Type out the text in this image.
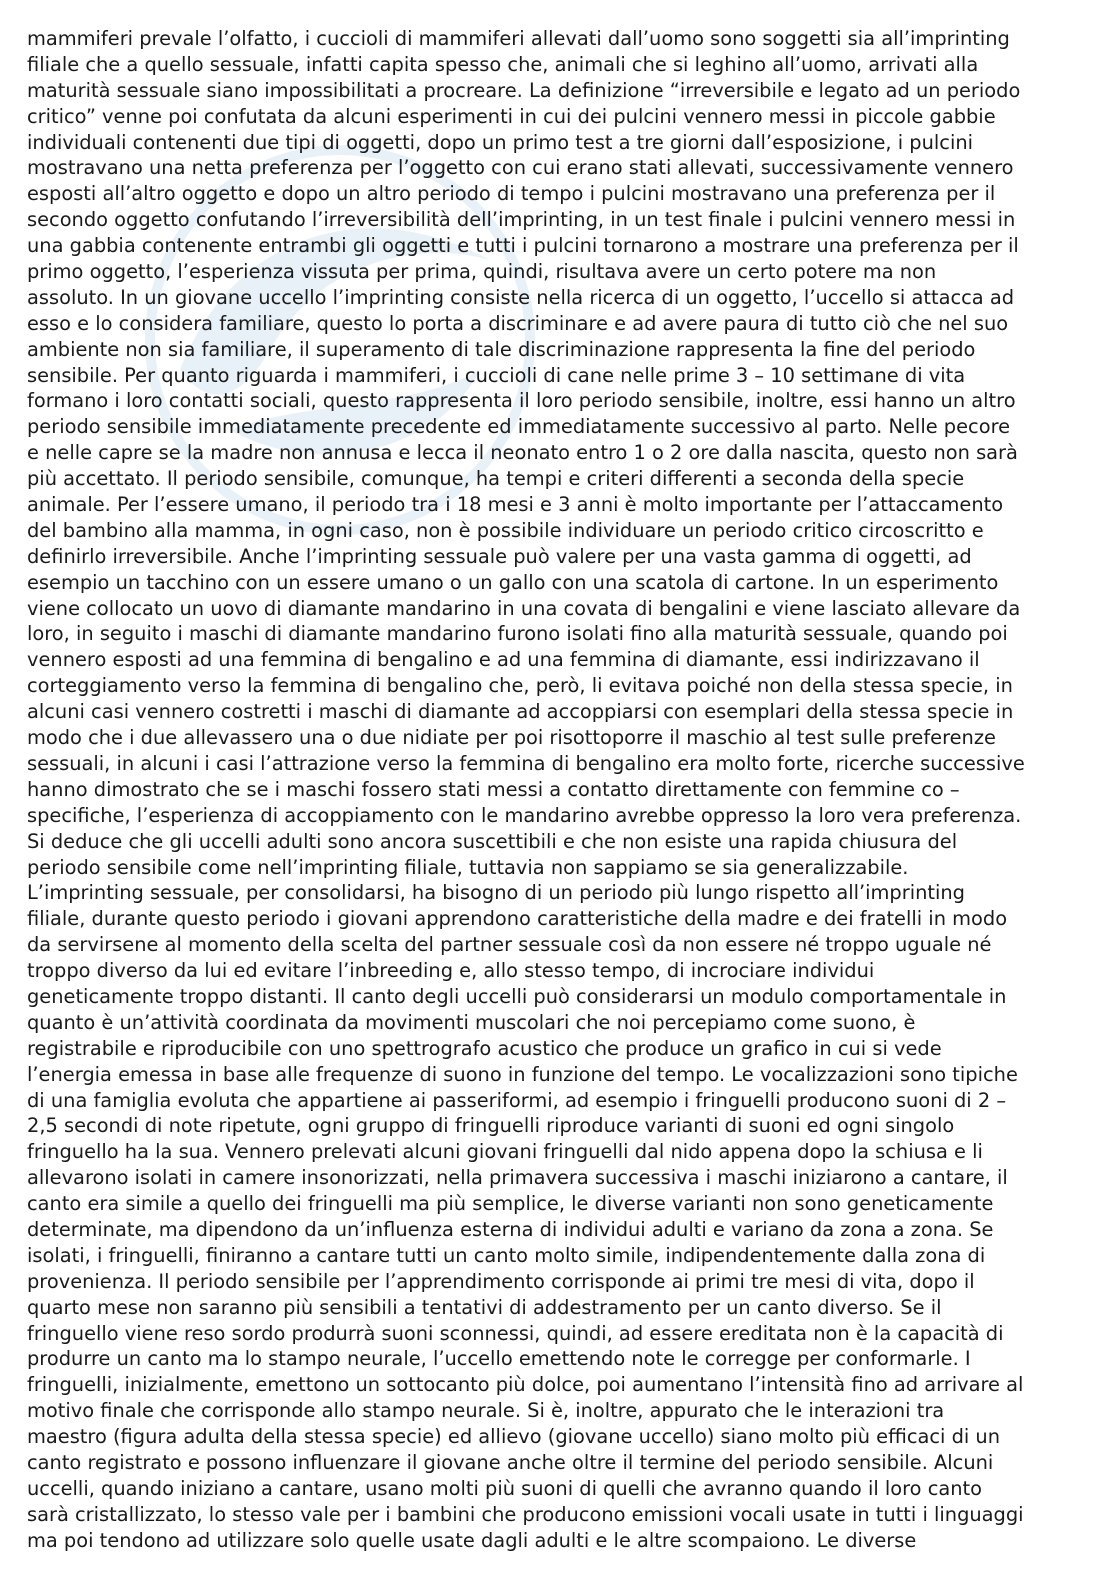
mammiferi prevale l’olfatto, i cuccioli di mammiferi allevati dall’uomo sono soggetti sia all’imprinting
filiale che a quello sessuale, infatti capita spesso che, animali che si leghino all’uomo, arrivati alla
maturità sessuale siano impossibilitati a procreare. La definizione “irreversibile e legato ad un periodo
critico” venne poi confutata da alcuni esperimenti in cui dei pulcini vennero messi in piccole gabbie
individuali contenenti due tipi di oggetti, dopo un primo test a tre giorni dall’esposizione, i pulcini
mostravano una netta preferenza per l’oggetto con cui erano stati allevati, successivamente vennero
esposti all’altro oggetto e dopo un altro periodo di tempo i pulcini mostravano una preferenza per il
secondo oggetto confutando l’irreversibilità dell’imprinting, in un test finale i pulcini vennero messi in
una gabbia contenente entrambi gli oggetti e tutti i pulcini tornarono a mostrare una preferenza per il
primo oggetto, l’esperienza vissuta per prima, quindi, risultava avere un certo potere ma non
assoluto. In un giovane uccello l’imprinting consiste nella ricerca di un oggetto, l’uccello si attacca ad
esso e lo considera familiare, questo lo porta a discriminare e ad avere paura di tutto ciò che nel suo
ambiente non sia familiare, il superamento di tale discriminazione rappresenta la fine del periodo
sensibile. Per quanto riguarda i mammiferi, i cuccioli di cane nelle prime 3 – 10 settimane di vita
formano i loro contatti sociali, questo rappresenta il loro periodo sensibile, inoltre, essi hanno un altro
periodo sensibile immediatamente precedente ed immediatamente successivo al parto. Nelle pecore
e nelle capre se la madre non annusa e lecca il neonato entro 1 o 2 ore dalla nascita, questo non sarà
più accettato. Il periodo sensibile, comunque, ha tempi e criteri differenti a seconda della specie
animale. Per l’essere umano, il periodo tra i 18 mesi e 3 anni è molto importante per l’attaccamento
del bambino alla mamma, in ogni caso, non è possibile individuare un periodo critico circoscritto e
definirlo irreversibile. Anche l’imprinting sessuale può valere per una vasta gamma di oggetti, ad
esempio un tacchino con un essere umano o un gallo con una scatola di cartone. In un esperimento
viene collocato un uovo di diamante mandarino in una covata di bengalini e viene lasciato allevare da
loro, in seguito i maschi di diamante mandarino furono isolati fino alla maturità sessuale, quando poi
vennero esposti ad una femmina di bengalino e ad una femmina di diamante, essi indirizzavano il
corteggiamento verso la femmina di bengalino che, però, li evitava poiché non della stessa specie, in
alcuni casi vennero costretti i maschi di diamante ad accoppiarsi con esemplari della stessa specie in
modo che i due allevassero una o due nidiate per poi risottoporre il maschio al test sulle preferenze
sessuali, in alcuni i casi l’attrazione verso la femmina di bengalino era molto forte, ricerche successive
hanno dimostrato che se i maschi fossero stati messi a contatto direttamente con femmine co –
specifiche, l’esperienza di accoppiamento con le mandarino avrebbe oppresso la loro vera preferenza.
Si deduce che gli uccelli adulti sono ancora suscettibili e che non esiste una rapida chiusura del
periodo sensibile come nell’imprinting filiale, tuttavia non sappiamo se sia generalizzabile.
L’imprinting sessuale, per consolidarsi, ha bisogno di un periodo più lungo rispetto all’imprinting
filiale, durante questo periodo i giovani apprendono caratteristiche della madre e dei fratelli in modo
da servirsene al momento della scelta del partner sessuale così da non essere né troppo uguale né
troppo diverso da lui ed evitare l’inbreeding e, allo stesso tempo, di incrociare individui
geneticamente troppo distanti. Il canto degli uccelli può considerarsi un modulo comportamentale in
quanto è un’attività coordinata da movimenti muscolari che noi percepiamo come suono, è
registrabile e riproducibile con uno spettrografo acustico che produce un grafico in cui si vede
l’energia emessa in base alle frequenze di suono in funzione del tempo. Le vocalizzazioni sono tipiche
di una famiglia evoluta che appartiene ai passeriformi, ad esempio i fringuelli producono suoni di 2 –
2,5 secondi di note ripetute, ogni gruppo di fringuelli riproduce varianti di suoni ed ogni singolo
fringuello ha la sua. Vennero prelevati alcuni giovani fringuelli dal nido appena dopo la schiusa e li
allevarono isolati in camere insonorizzati, nella primavera successiva i maschi iniziarono a cantare, il
canto era simile a quello dei fringuelli ma più semplice, le diverse varianti non sono geneticamente
determinate, ma dipendono da un’influenza esterna di individui adulti e variano da zona a zona. Se
isolati, i fringuelli, finiranno a cantare tutti un canto molto simile, indipendentemente dalla zona di
provenienza. Il periodo sensibile per l’apprendimento corrisponde ai primi tre mesi di vita, dopo il
quarto mese non saranno più sensibili a tentativi di addestramento per un canto diverso. Se il
fringuello viene reso sordo produrrà suoni sconnessi, quindi, ad essere ereditata non è la capacità di
produrre un canto ma lo stampo neurale, l’uccello emettendo note le corregge per conformarle. I
fringuelli, inizialmente, emettono un sottocanto più dolce, poi aumentano l’intensità fino ad arrivare al
motivo finale che corrisponde allo stampo neurale. Si è, inoltre, appurato che le interazioni tra
maestro (figura adulta della stessa specie) ed allievo (giovane uccello) siano molto più efficaci di un
canto registrato e possono influenzare il giovane anche oltre il termine del periodo sensibile. Alcuni
uccelli, quando iniziano a cantare, usano molti più suoni di quelli che avranno quando il loro canto
sarà cristallizzato, lo stesso vale per i bambini che producono emissioni vocali usate in tutti i linguaggi
ma poi tendono ad utilizzare solo quelle usate dagli adulti e le altre scompaiono. Le diverse
